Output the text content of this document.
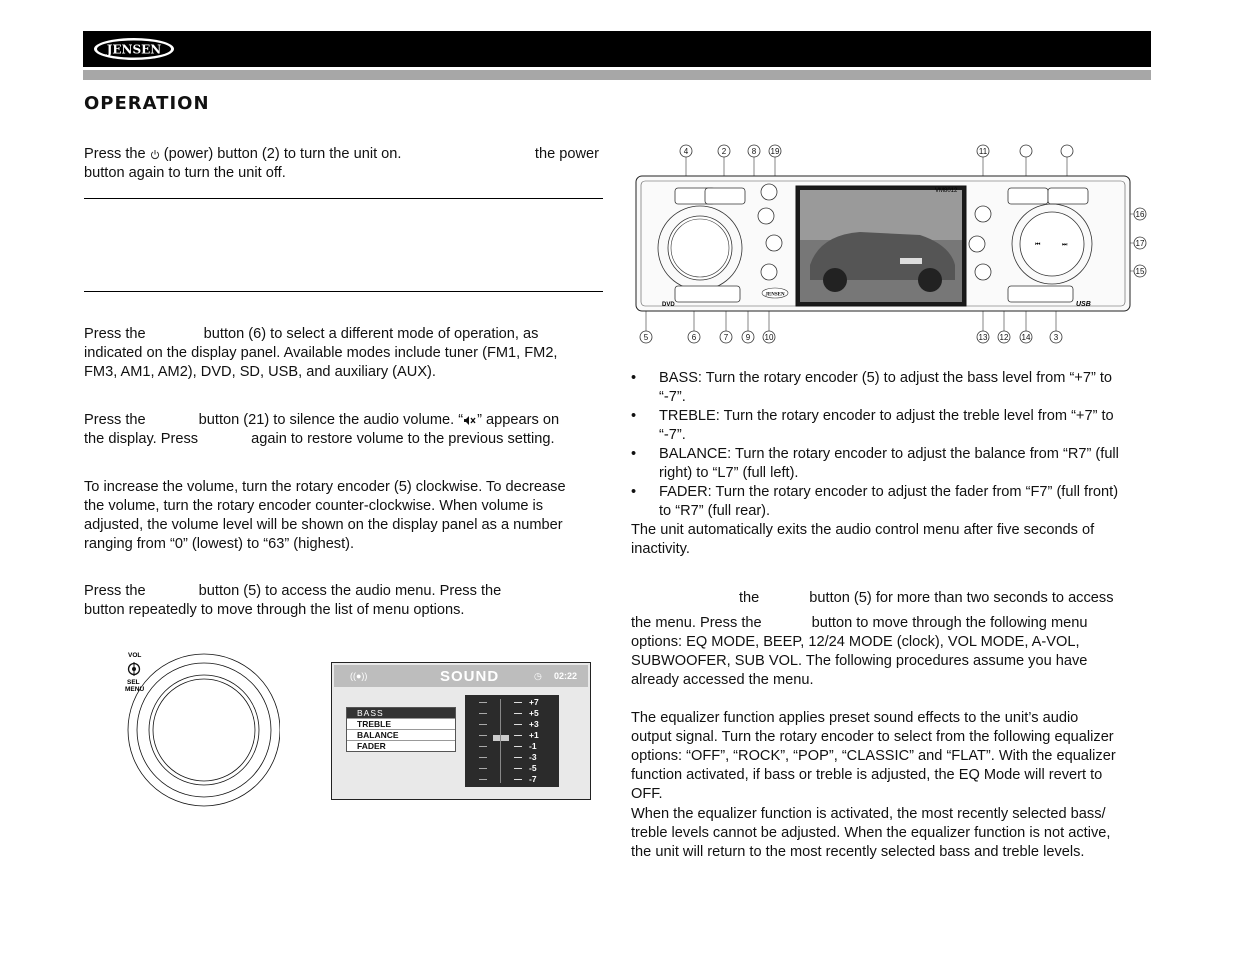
JENSEN
OPERATION

Press the (power) button (2) to turn the unit on.	the power

button again to turn the unit off.

Press the	button (6) to select a different mode of operation, as

indicated on the display panel. Available modes include tuner (FM1, FM2,

FM3, AM1, AM2), DVD, SD, USB, and auxiliary (AUX).

Press the	button (21) to silence the audio volume. “ ” appears on

the display. Press	again to restore volume to the previous setting.

To increase the volume, turn the rotary encoder (5) clockwise. To decrease

the volume, turn the rotary encoder counter-clockwise. When volume is

adjusted, the volume level will be shown on the display panel as a number

ranging from “0” (lowest) to “63” (highest).

Press the	button (5) to access the audio menu. Press the

button repeatedly to move through the list of menu options.

VOL
SEL
MENU
((●))	SOUND	◷ 02:22
BASS
TREBLE
BALANCE
FADER
+7
+5
+3
+1
-1
-3
-5
-7
4	2	8 19	11
5	6	7 9 10	13 12 14	3
16
17
15
DVD
VM8012
JENSEN
⏮	⏭
USB
• BASS: Turn the rotary encoder (5) to adjust the bass level from “+7” to
“-7”.
• TREBLE: Turn the rotary encoder to adjust the treble level from “+7” to
“-7”.
• BALANCE: Turn the rotary encoder to adjust the balance from “R7” (full
right) to “L7” (full left).
• FADER: Turn the rotary encoder to adjust the fader from “F7” (full front)
to “R7” (full rear).

The unit automatically exits the audio control menu after five seconds of

inactivity.

the	button (5) for more than two seconds to access

the menu. Press the	button to move through the following menu

options: EQ MODE, BEEP, 12/24 MODE (clock), VOL MODE, A-VOL,

SUBWOOFER, SUB VOL. The following procedures assume you have

already accessed the menu.

The equalizer function applies preset sound effects to the unit’s audio

output signal. Turn the rotary encoder to select from the following equalizer

options: “OFF”, “ROCK”, “POP”, “CLASSIC” and “FLAT”. With the equalizer

function activated, if bass or treble is adjusted, the EQ Mode will revert to

OFF.

When the equalizer function is activated, the most recently selected bass/

treble levels cannot be adjusted. When the equalizer function is not active,

the unit will return to the most recently selected bass and treble levels.
